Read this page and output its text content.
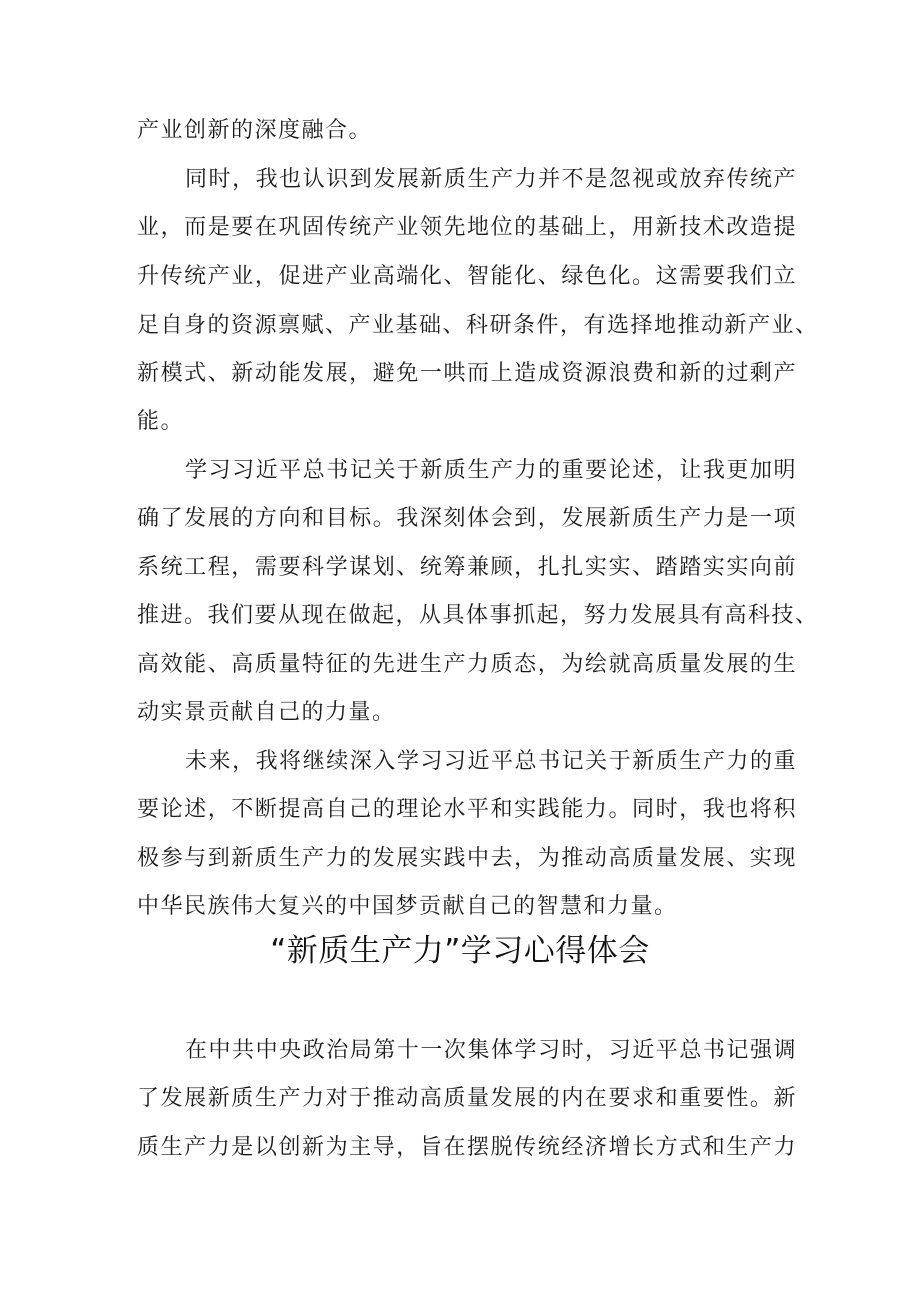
产业创新的深度融合。
同时，我也认识到发展新质生产力并不是忽视或放弃传统产
业，而是要在巩固传统产业领先地位的基础上，用新技术改造提
升传统产业，促进产业高端化、智能化、绿色化。这需要我们立
足自身的资源禀赋、产业基础、科研条件，有选择地推动新产业、
新模式、新动能发展，避免一哄而上造成资源浪费和新的过剩产
能。
学习习近平总书记关于新质生产力的重要论述，让我更加明
确了发展的方向和目标。我深刻体会到，发展新质生产力是一项
系统工程，需要科学谋划、统筹兼顾，扎扎实实、踏踏实实向前
推进。我们要从现在做起，从具体事抓起，努力发展具有高科技、
高效能、高质量特征的先进生产力质态，为绘就高质量发展的生
动实景贡献自己的力量。
未来，我将继续深入学习习近平总书记关于新质生产力的重
要论述，不断提高自己的理论水平和实践能力。同时，我也将积
极参与到新质生产力的发展实践中去，为推动高质量发展、实现
中华民族伟大复兴的中国梦贡献自己的智慧和力量。
“新质生产力”学习心得体会
在中共中央政治局第十一次集体学习时，习近平总书记强调
了发展新质生产力对于推动高质量发展的内在要求和重要性。新
质生产力是以创新为主导，旨在摆脱传统经济增长方式和生产力
